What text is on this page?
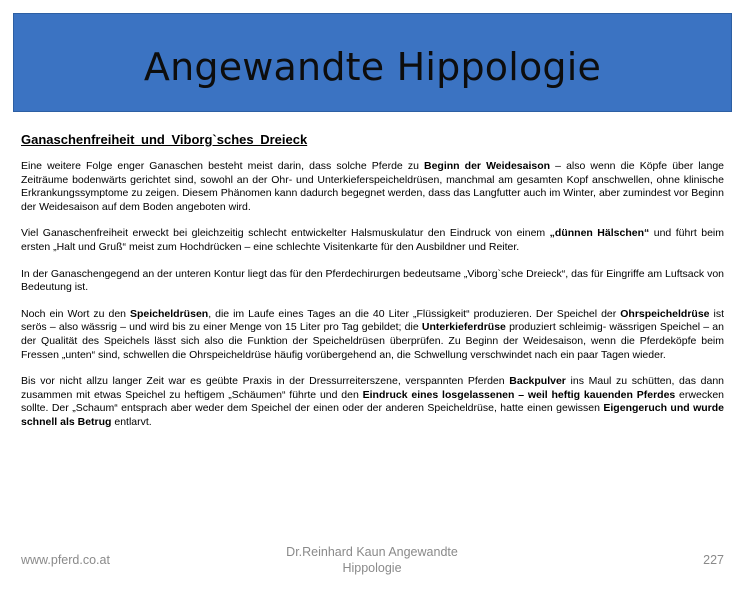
Angewandte Hippologie
Ganaschenfreiheit und Viborg`sches Dreieck
Eine weitere Folge enger Ganaschen besteht meist darin, dass solche Pferde zu Beginn der Weidesaison – also wenn die Köpfe über lange Zeiträume bodenwärts gerichtet sind, sowohl an der Ohr- und Unterkieferspeicheldrüsen, manchmal am gesamten Kopf anschwellen, ohne klinische Erkrankungssymptome zu zeigen. Diesem Phänomen kann dadurch begegnet werden, dass das Langfutter auch im Winter, aber zumindest vor Beginn der Weidesaison auf dem Boden angeboten wird.
Viel Ganaschenfreiheit erweckt bei gleichzeitig schlecht entwickelter Halsmuskulatur den Eindruck von einem „dünnen Hälschen“ und führt beim ersten „Halt und Gruß“ meist zum Hochdrücken – eine schlechte Visitenkarte für den Ausbildner und Reiter.
In der Ganaschengegend an der unteren Kontur liegt das für den Pferdechirurgen bedeutsame „Viborg`sche Dreieck“, das für Eingriffe am Luftsack von Bedeutung ist.
Noch ein Wort zu den Speicheldrüsen, die im Laufe eines Tages an die 40 Liter „Flüssigkeit“ produzieren. Der Speichel der Ohrspeicheldrüse ist serös – also wässrig – und wird bis zu einer Menge von 15 Liter pro Tag gebildet; die Unterkieferdrüse produziert schleimig- wässrigen Speichel – an der Qualität des Speichels lässt sich also die Funktion der Speicheldrüsen überprüfen. Zu Beginn der Weidesaison, wenn die Pferdeköpfe beim Fressen „unten“ sind, schwellen die Ohrspeicheldrüse häufig vorübergehend an, die Schwellung verschwindet nach ein paar Tagen wieder.
Bis vor nicht allzu langer Zeit war es geübte Praxis in der Dressurreiterszene, verspannten Pferden Backpulver ins Maul zu schütten, das dann zusammen mit etwas Speichel zu heftigem „Schäumen“ führte und den Eindruck eines losgelassenen – weil heftig kauenden Pferdes erwecken sollte. Der „Schaum“ entsprach aber weder dem Speichel der einen oder der anderen Speicheldrüse, hatte einen gewissen Eigengeruch und wurde schnell als Betrug entlarvt.
www.pferd.co.at
Dr.Reinhard Kaun Angewandte
Hippologie
227
